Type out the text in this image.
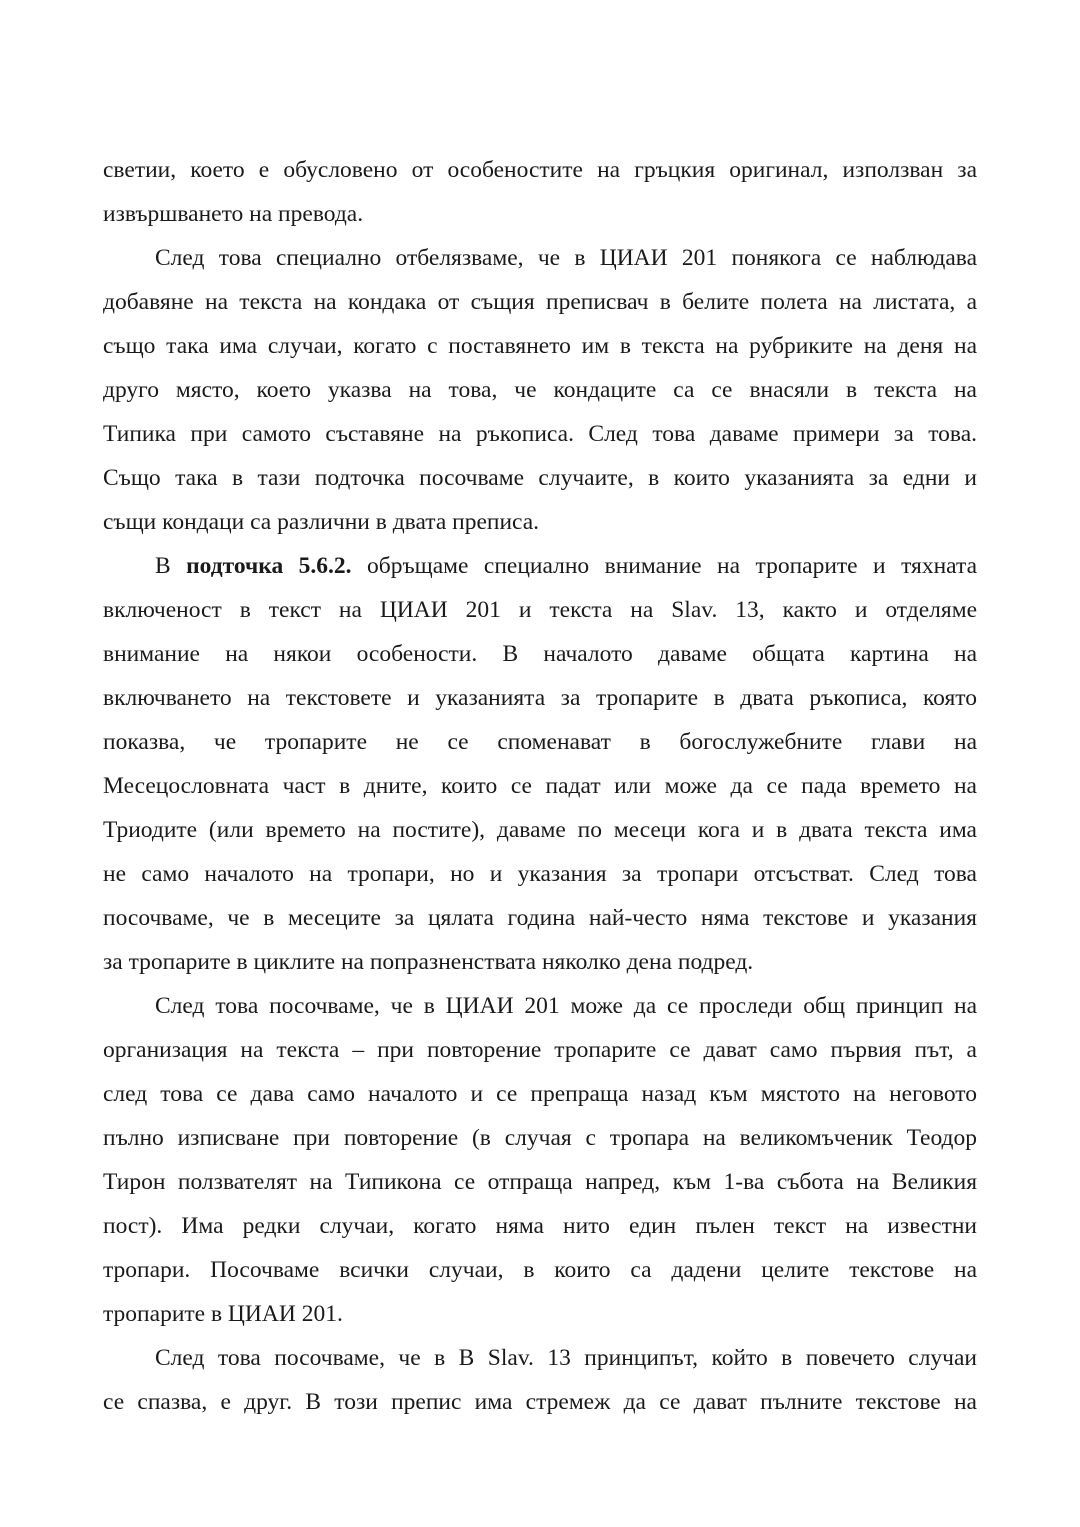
светии, което е обусловено от особеностите на гръцкия оригинал, използван за
извършването на превода.
След това специално отбелязваме, че в ЦИАИ 201 понякога се наблюдава
добавяне на текста на кондака от същия преписвач в белите полета на листата, а
също така има случаи, когато с поставянето им в текста на рубриките на деня на
друго място, което указва на това, че кондаците са се внасяли в текста на
Типика при самото съставяне на ръкописа. След това даваме примери за това.
Също така в тази подточка посочваме случаите, в които указанията за едни и
същи кондаци са различни в двата преписа.
В подточка 5.6.2. обръщаме специално внимание на тропарите и тяхната
включеност в текст на ЦИАИ 201 и текста на Slav. 13, както и отделяме
внимание на някои особености. В началото даваме общата картина на
включването на текстовете и указанията за тропарите в двата ръкописа, която
показва, че тропарите не се споменават в богослужебните глави на
Месецословната част в дните, които се падат или може да се пада времето на
Триодите (или времето на постите), даваме по месеци кога и в двата текста има
не само началото на тропари, но и указания за тропари отсъстват. След това
посочваме, че в месеците за цялата година най-често няма текстове и указания
за тропарите в циклите на попразненствата няколко дена подред.
След това посочваме, че в ЦИАИ 201 може да се проследи общ принцип на
организация на текста – при повторение тропарите се дават само първия път, а
след това се дава само началото и се препраща назад към мястото на неговото
пълно изписване при повторение (в случая с тропара на великомъченик Теодор
Тирон ползвателят на Типикона се отпраща напред, към 1-ва събота на Великия
пост). Има редки случаи, когато няма нито един пълен текст на известни
тропари. Посочваме всички случаи, в които са дадени целите текстове на
тропарите в ЦИАИ 201.
След това посочваме, че в B Slav. 13 принципът, който в повечето случаи
се спазва, е друг. В този препис има стремеж да се дават пълните текстове на
